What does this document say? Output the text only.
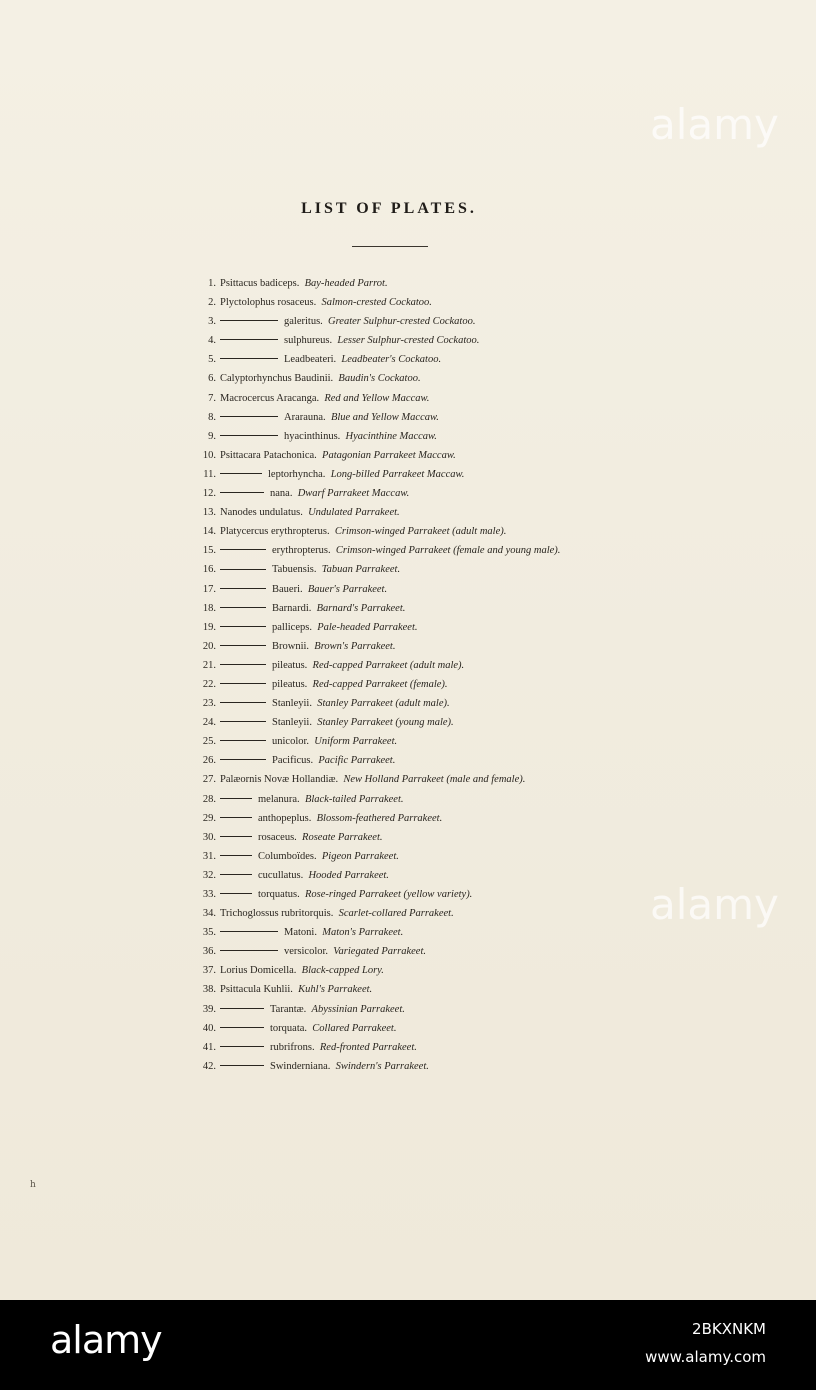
LIST OF PLATES.
1. Psittacus badiceps. Bay-headed Parrot.
2. Plyctolophus rosaceus. Salmon-crested Cockatoo.
3.	galeritus. Greater Sulphur-crested Cockatoo.
4.	sulphureus. Lesser Sulphur-crested Cockatoo.
5.	Leadbeateri. Leadbeater's Cockatoo.
6. Calyptorhynchus Baudinii. Baudin's Cockatoo.
7. Macrocercus Aracanga. Red and Yellow Maccaw.
8.	Ararauna. Blue and Yellow Maccaw.
9.	hyacinthinus. Hyacinthine Maccaw.
10. Psittacara Patachonica. Patagonian Parrakeet Maccaw.
11.	leptorhyncha. Long-billed Parrakeet Maccaw.
12.	nana. Dwarf Parrakeet Maccaw.
13. Nanodes undulatus. Undulated Parrakeet.
14. Platycercus erythropterus. Crimson-winged Parrakeet (adult male).
15.	erythropterus. Crimson-winged Parrakeet (female and young male).
16.	Tabuensis. Tabuan Parrakeet.
17.	Baueri. Bauer's Parrakeet.
18.	Barnardi. Barnard's Parrakeet.
19.	palliceps. Pale-headed Parrakeet.
20.	Brownii. Brown's Parrakeet.
21.	pileatus. Red-capped Parrakeet (adult male).
22.	pileatus. Red-capped Parrakeet (female).
23.	Stanleyii. Stanley Parrakeet (adult male).
24.	Stanleyii. Stanley Parrakeet (young male).
25.	unicolor. Uniform Parrakeet.
26.	Pacificus. Pacific Parrakeet.
27. Palæornis Novæ Hollandiæ. New Holland Parrakeet (male and female).
28.	melanura. Black-tailed Parrakeet.
29.	anthopeplus. Blossom-feathered Parrakeet.
30.	rosaceus. Roseate Parrakeet.
31.	Columboïdes. Pigeon Parrakeet.
32.	cucullatus. Hooded Parrakeet.
33.	torquatus. Rose-ringed Parrakeet (yellow variety).
34. Trichoglossus rubritorquis. Scarlet-collared Parrakeet.
35.	Matoni. Maton's Parrakeet.
36.	versicolor. Variegated Parrakeet.
37. Lorius Domicella. Black-capped Lory.
38. Psittacula Kuhlii. Kuhl's Parrakeet.
39.	Tarantæ. Abyssinian Parrakeet.
40.	torquata. Collared Parrakeet.
41.	rubrifrons. Red-fronted Parrakeet.
42.	Swinderniana. Swindern's Parrakeet.
h
alamy
alamy
alamy	2BKXNKM
www.alamy.com
